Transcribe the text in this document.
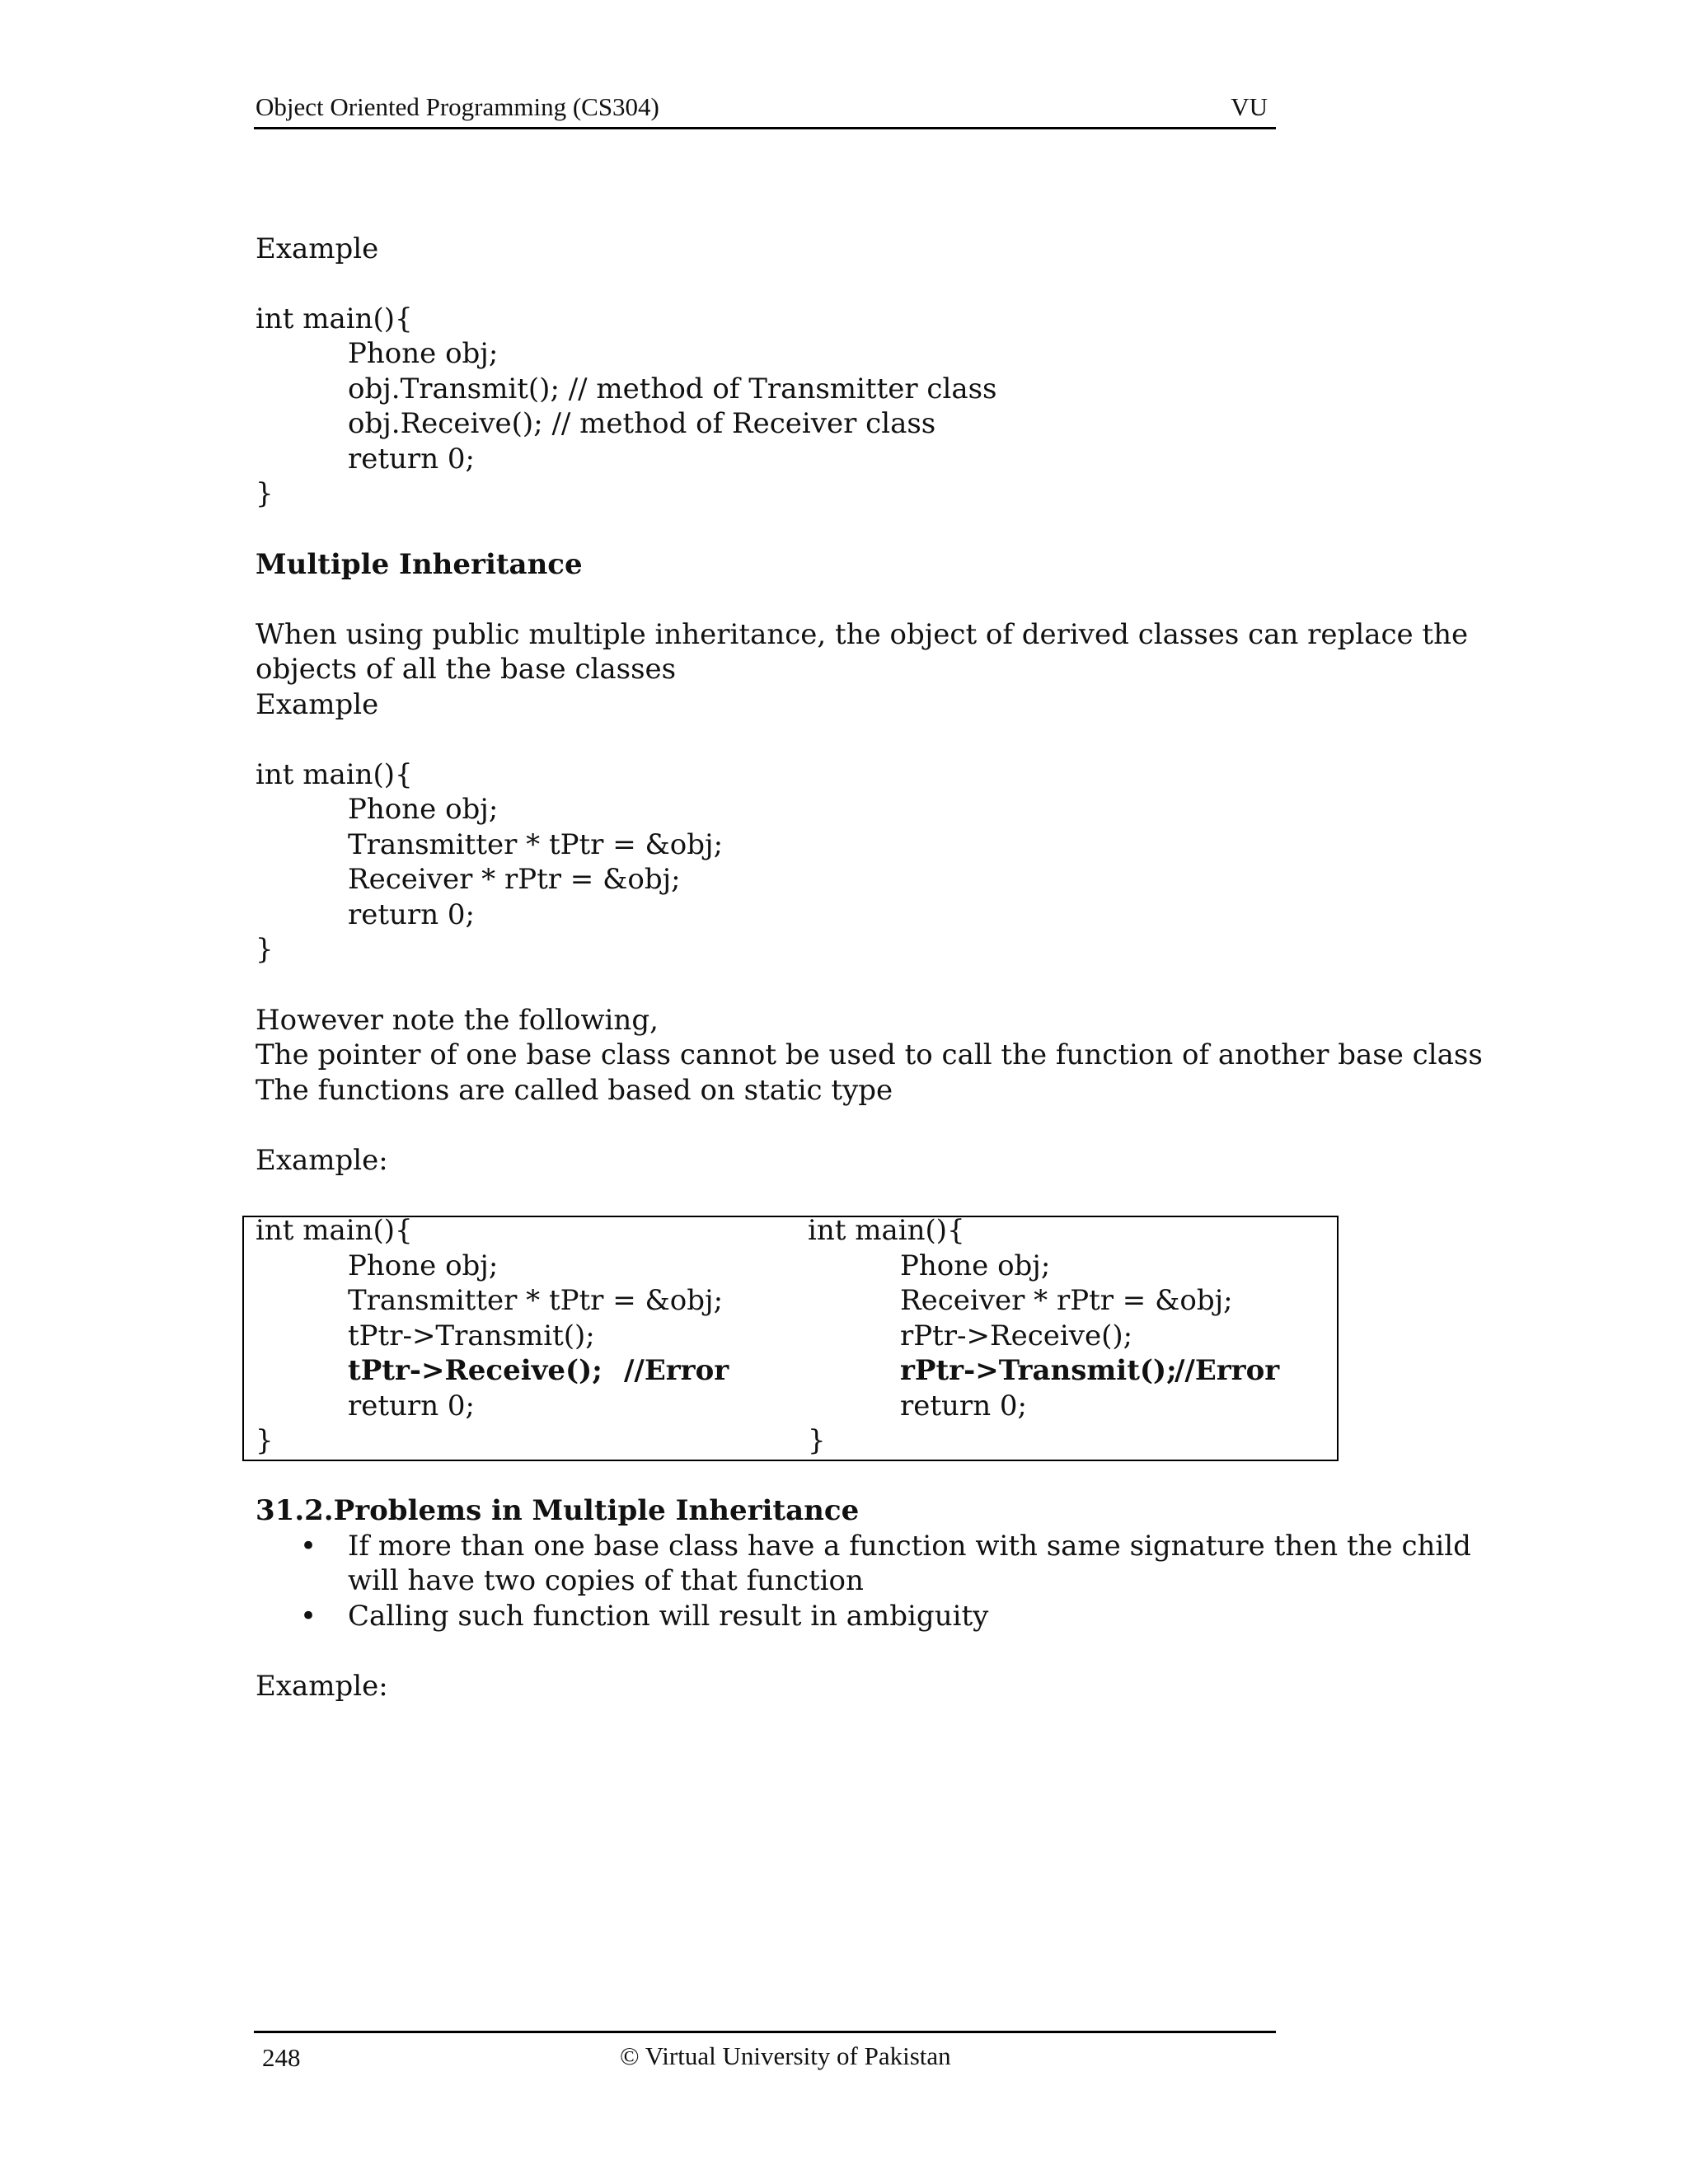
Object Oriented Programming (CS304)	VU
Example
int main(){
Phone obj;
obj.Transmit(); // method of Transmitter class
obj.Receive(); // method of Receiver class
return 0;
}
Multiple Inheritance
When using public multiple inheritance, the object of derived classes can replace the
objects of all the base classes
Example
int main(){
Phone obj;
Transmitter * tPtr = &obj;
Receiver * rPtr = &obj;
return 0;
}
However note the following,
The pointer of one base class cannot be used to call the function of another base class
The functions are called based on static type
Example:
int main(){
Phone obj;
Transmitter * tPtr = &obj;
tPtr->Transmit();
tPtr->Receive(); //Error
return 0;
}
int main(){
Phone obj;
Receiver * rPtr = &obj;
rPtr->Receive();
rPtr->Transmit();
//Error
return 0;
}
31.2.Problems in Multiple Inheritance
• If more than one base class have a function with same signature then the child
will have two copies of that function
• Calling such function will result in ambiguity
Example:
248	© Virtual University of Pakistan
